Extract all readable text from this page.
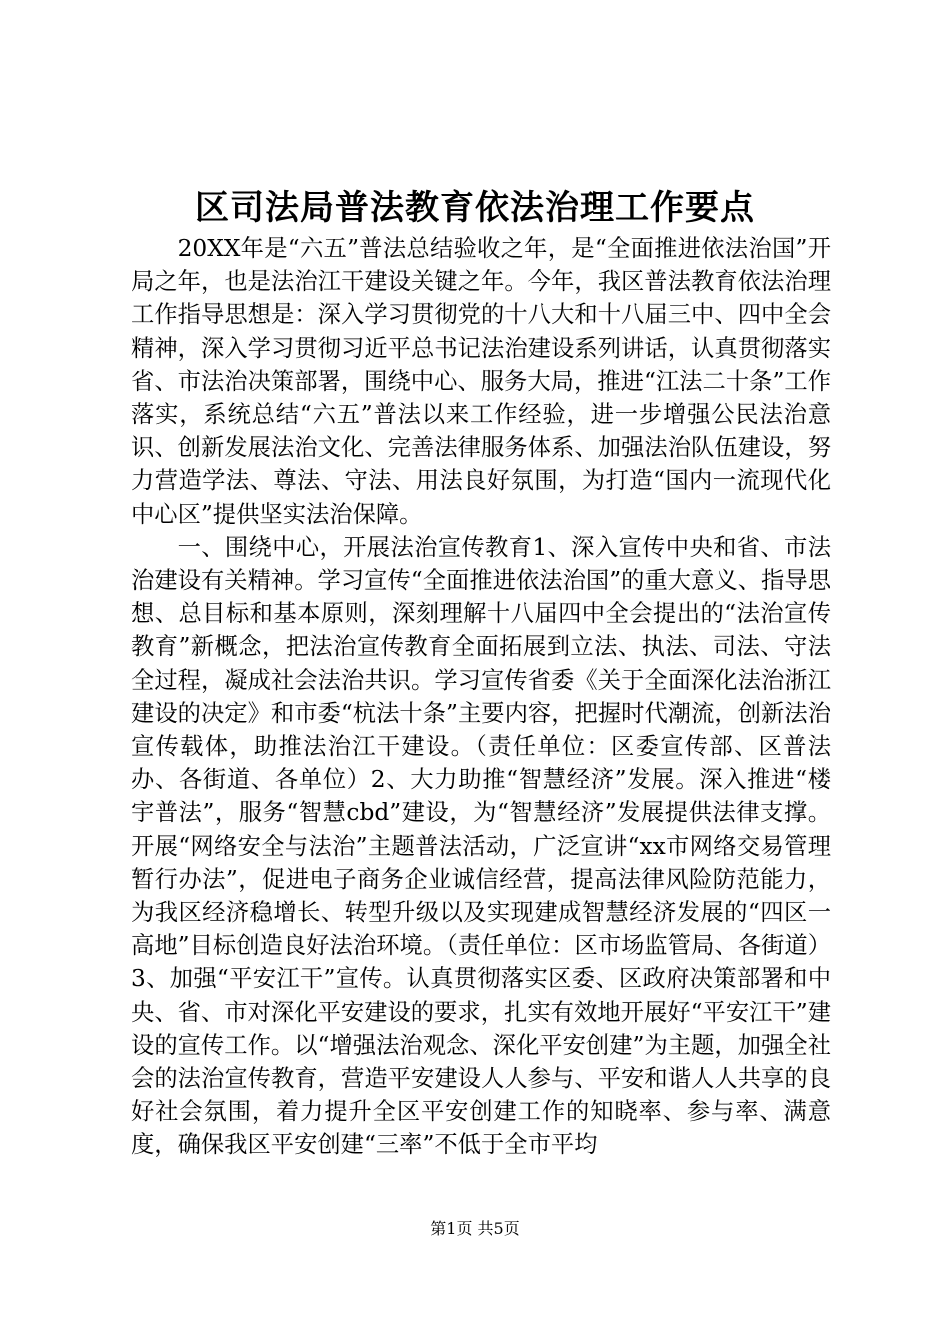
区司法局普法教育依法治理工作要点

20XX年是“六五”普法总结验收之年，是“全面推进依法治国”开局之年，也是法治江干建设关键之年。今年，我区普法教育依法治理工作指导思想是：深入学习贯彻党的十八大和十八届三中、四中全会精神，深入学习贯彻习近平总书记法治建设系列讲话，认真贯彻落实省、市法治决策部署，围绕中心、服务大局，推进“江法二十条”工作落实，系统总结“六五”普法以来工作经验，进一步增强公民法治意识、创新发展法治文化、完善法律服务体系、加强法治队伍建设，努力营造学法、尊法、守法、用法良好氛围，为打造“国内一流现代化中心区”提供坚实法治保障。

一、围绕中心，开展法治宣传教育1、深入宣传中央和省、市法治建设有关精神。学习宣传“全面推进依法治国”的重大意义、指导思想、总目标和基本原则，深刻理解十八届四中全会提出的“法治宣传教育”新概念，把法治宣传教育全面拓展到立法、执法、司法、守法全过程，凝成社会法治共识。学习宣传省委《关于全面深化法治浙江建设的决定》和市委“杭法十条”主要内容，把握时代潮流，创新法治宣传载体，助推法治江干建设。（责任单位：区委宣传部、区普法办、各街道、各单位）2、大力助推“智慧经济”发展。深入推进“楼宇普法”，服务“智慧cbd”建设，为“智慧经济”发展提供法律支撑。开展“网络安全与法治”主题普法活动，广泛宣讲“xx市网络交易管理暂行办法”，促进电子商务企业诚信经营，提高法律风险防范能力，为我区经济稳增长、转型升级以及实现建成智慧经济发展的“四区一高地”目标创造良好法治环境。（责任单位：区市场监管局、各街道）3、加强“平安江干”宣传。认真贯彻落实区委、区政府决策部署和中央、省、市对深化平安建设的要求，扎实有效地开展好“平安江干”建设的宣传工作。以“增强法治观念、深化平安创建”为主题，加强全社会的法治宣传教育，营造平安建设人人参与、平安和谐人人共享的良好社会氛围，着力提升全区平安创建工作的知晓率、参与率、满意度，确保我区平安创建“三率”不低于全市平均

第1页 共5页
